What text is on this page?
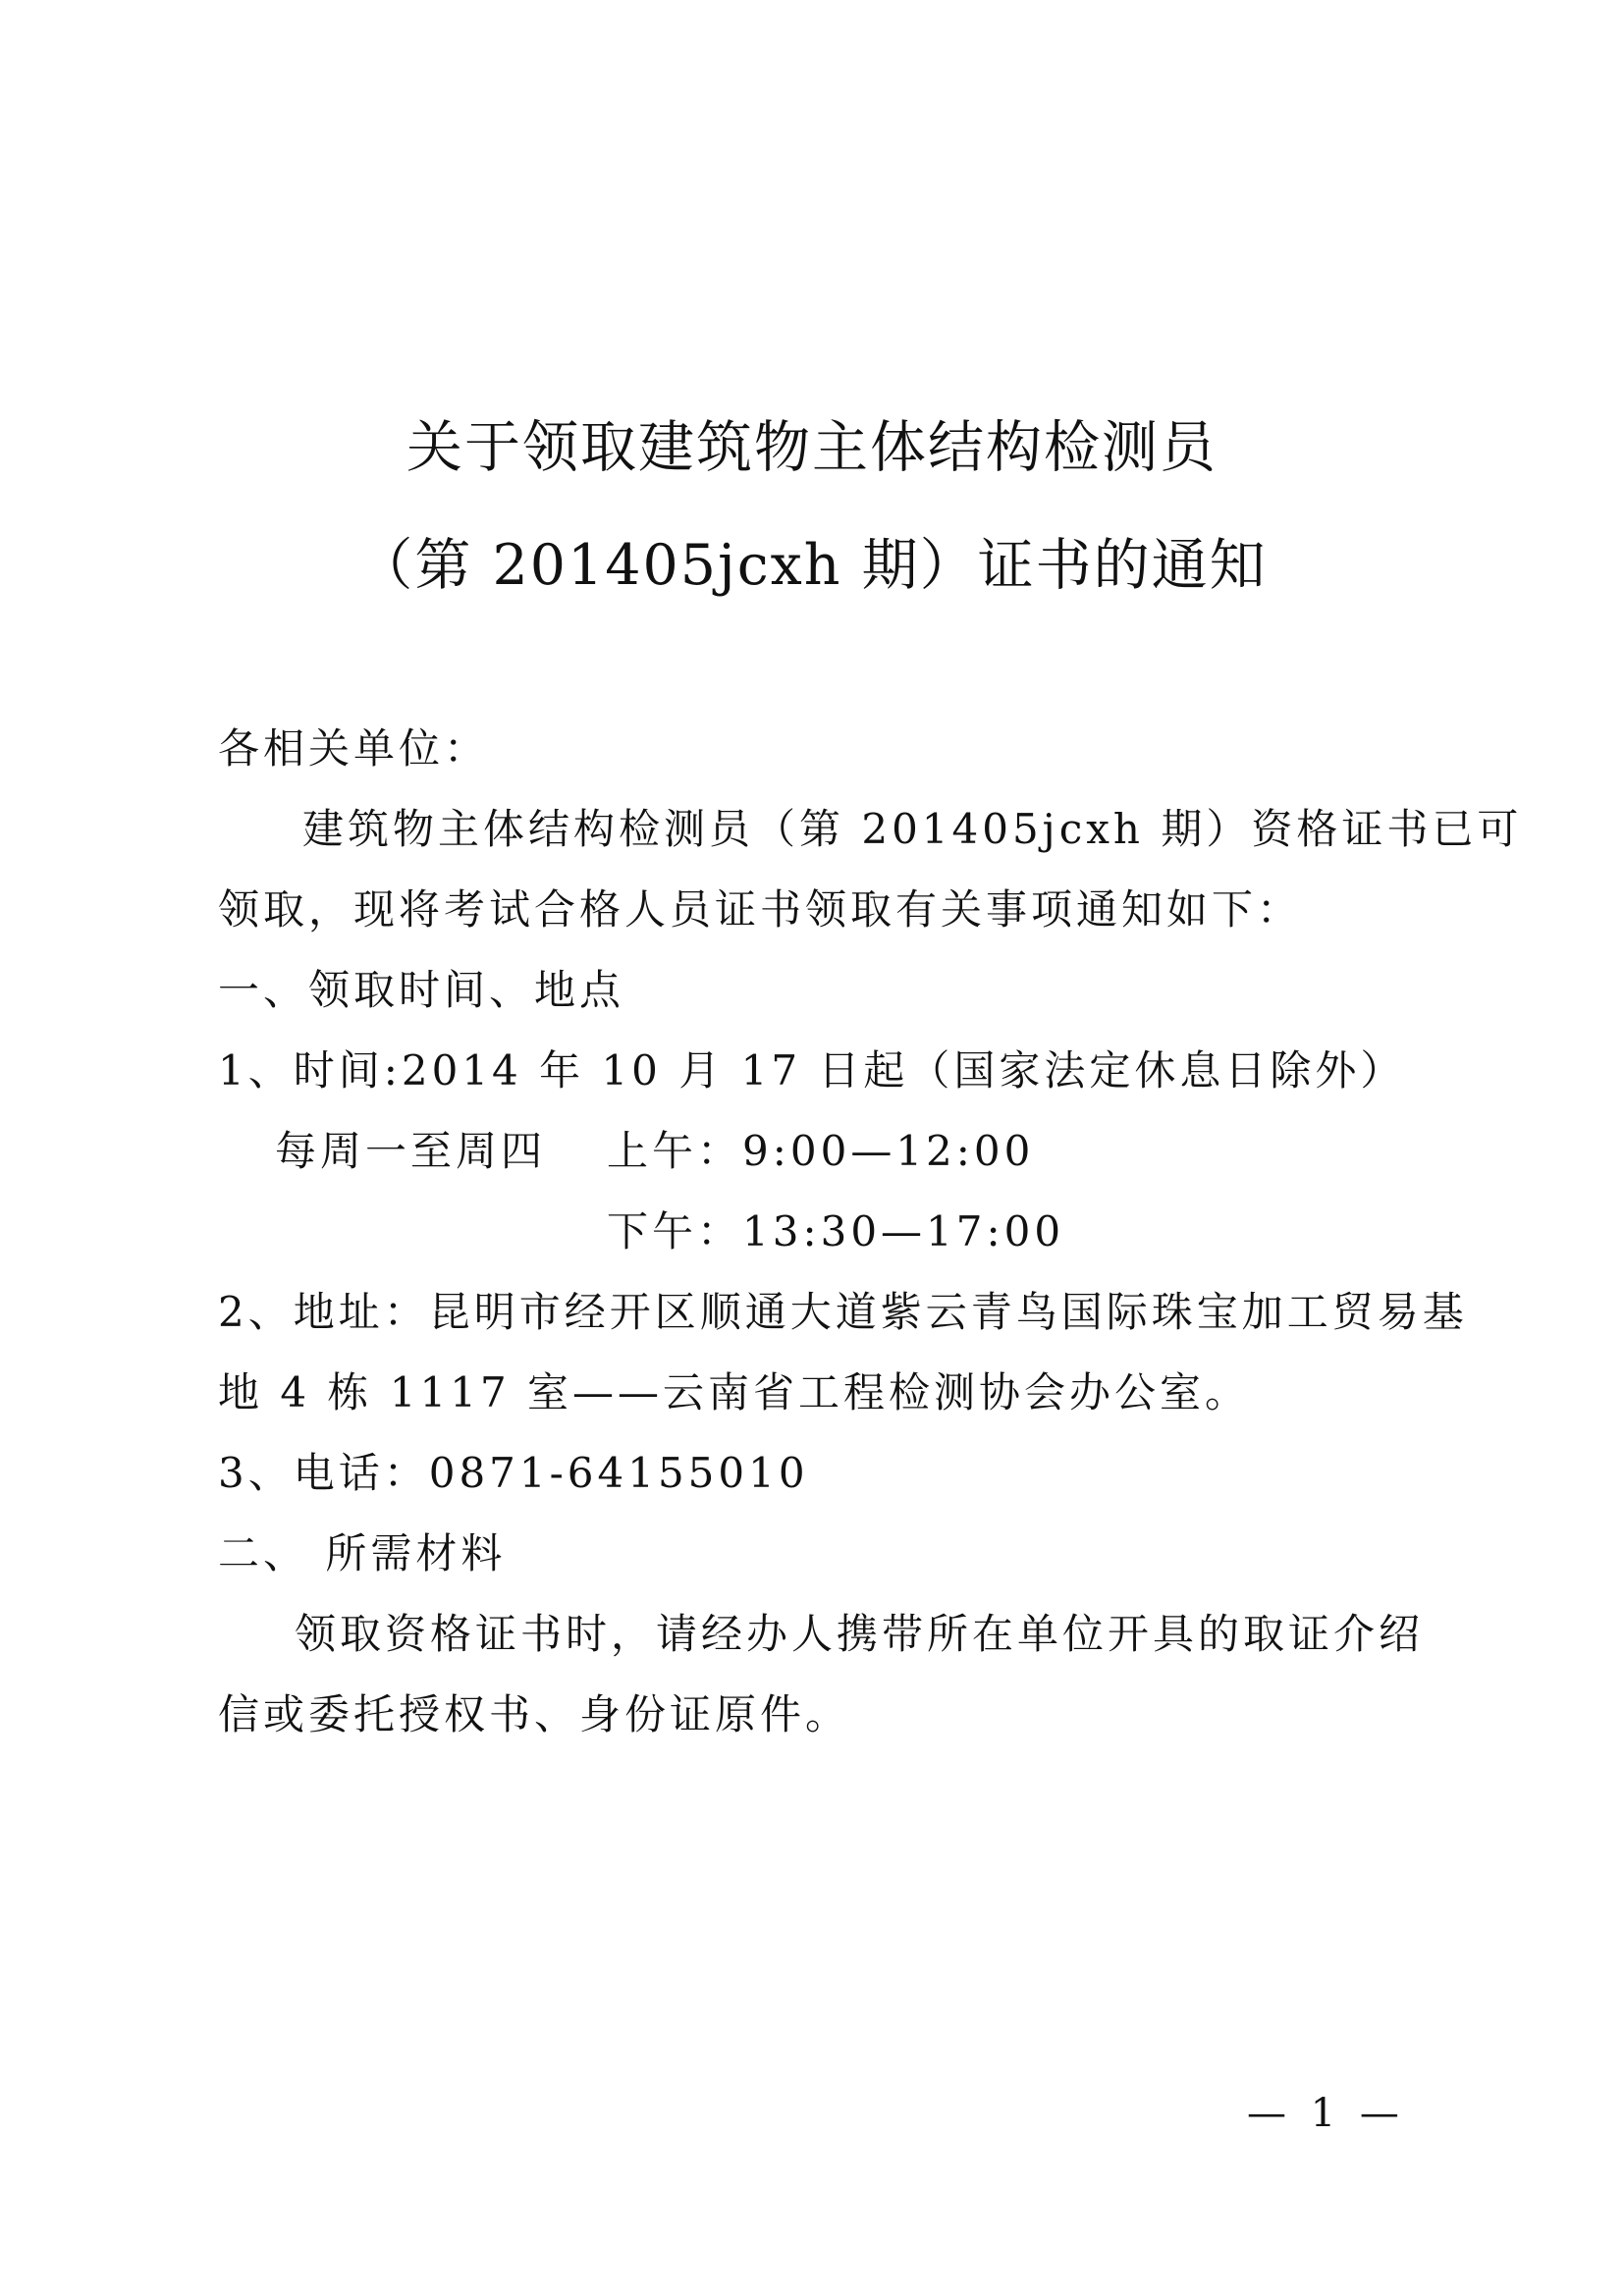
关于领取建筑物主体结构检测员
（第 201405jcxh 期）证书的通知
各相关单位：
建筑物主体结构检测员（第 201405jcxh 期）资格证书已可
领取，现将考试合格人员证书领取有关事项通知如下：
一、领取时间、地点
1、时间:2014 年 10 月 17 日起（国家法定休息日除外）
每周一至周四 上午：9:00—12:00
下午：13:30—17:00
2、地址：昆明市经开区顺通大道紫云青鸟国际珠宝加工贸易基
地 4 栋 1117 室——云南省工程检测协会办公室。
3、电话：0871-64155010
二、 所需材料
领取资格证书时，请经办人携带所在单位开具的取证介绍
信或委托授权书、身份证原件。
— 1 —
